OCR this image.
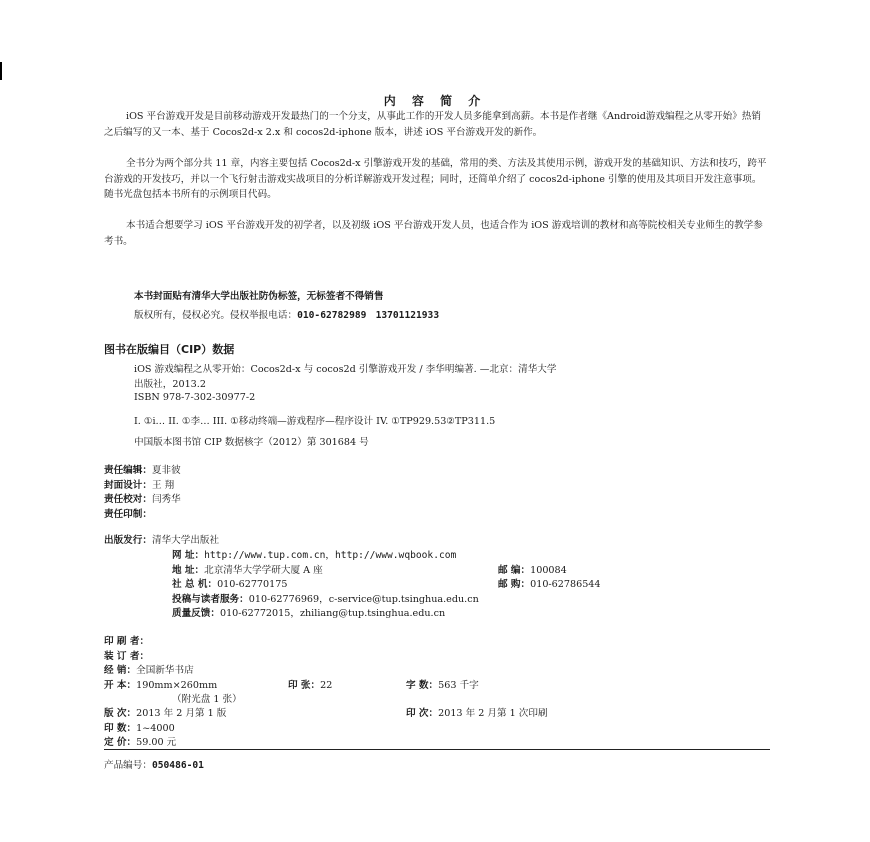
内 容 简 介

iOS 平台游戏开发是目前移动游戏开发最热门的一个分支，从事此工作的开发人员多能拿到高薪。本书是作者继《Android游戏编程之从零开始》热销之后编写的又一本、基于 Cocos2d-x 2.x 和 cocos2d-iphone 版本，讲述 iOS 平台游戏开发的新作。

全书分为两个部分共 11 章，内容主要包括 Cocos2d-x 引擎游戏开发的基础，常用的类、方法及其使用示例，游戏开发的基础知识、方法和技巧，跨平台游戏的开发技巧，并以一个飞行射击游戏实战项目的分析详解游戏开发过程；同时，还简单介绍了 cocos2d-iphone 引擎的使用及其项目开发注意事项。随书光盘包括本书所有的示例项目代码。

本书适合想要学习 iOS 平台游戏开发的初学者，以及初级 iOS 平台游戏开发人员，也适合作为 iOS 游戏培训的教材和高等院校相关专业师生的教学参考书。

本书封面贴有清华大学出版社防伪标签，无标签者不得销售

版权所有，侵权必究。侵权举报电话：010-62782989 13701121933

图书在版编目（CIP）数据

iOS 游戏编程之从零开始：Cocos2d-x 与 cocos2d 引擎游戏开发 / 李华明编著. —北京：清华大学

出版社，2013.2

ISBN 978-7-302-30977-2

I. ①i… II. ①李… III. ①移动终端—游戏程序—程序设计 IV. ①TP929.53②TP311.5

中国版本图书馆 CIP 数据核字（2012）第 301684 号

责任编辑：夏非彼

封面设计：王 翔

责任校对：闫秀华

责任印制：

出版发行：清华大学出版社

网 址：http://www.tup.com.cn，http://www.wqbook.com

地 址：北京清华大学学研大厦 A 座	邮 编：100084

社 总 机：010-62770175	邮 购：010-62786544

投稿与读者服务：010-62776969，c-service@tup.tsinghua.edu.cn

质量反馈：010-62772015，zhiliang@tup.tsinghua.edu.cn

印 刷 者：

装 订 者：

经 销：全国新华书店

开 本：190mm×260mm	印 张：22	字 数：563 千字

（附光盘 1 张）

版 次：2013 年 2 月第 1 版	印 次：2013 年 2 月第 1 次印刷

印 数：1~4000

定 价：59.00 元

产品编号：050486-01
